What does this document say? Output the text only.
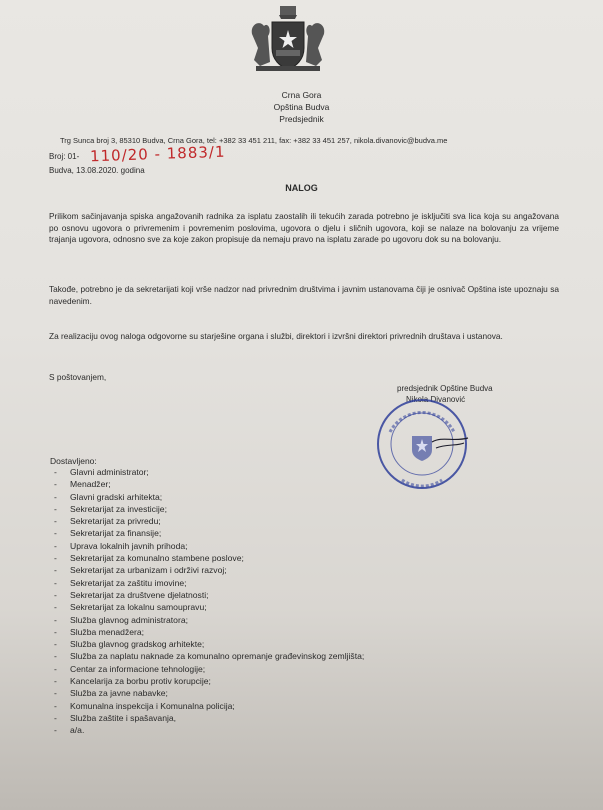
Crna Gora
Opština Budva
Predsjednik
Trg Sunca broj 3, 85310 Budva, Crna Gora, tel: +382 33 451 211, fax: +382 33 451 257, nikola.divanovic@budva.me
Broj: 01- 110/20 - 1883/1
Budva, 13.08.2020. godina
NALOG
Prilikom sačinjavanja spiska angažovanih radnika za isplatu zaostalih ili tekućih zarada potrebno je isključiti sva lica koja su angažovana po osnovu ugovora o privremenim i povremenim poslovima, ugovora o djelu i sličnih ugovora, koji se nalaze na bolovanju za vrijeme trajanja ugovora, odnosno sve za koje zakon propisuje da nemaju pravo na isplatu zarade po ugovoru dok su na bolovanju.
Takođe, potrebno je da sekretarijati koji vrše nadzor nad privrednim društvima i javnim ustanovama čiji je osnivač Opština iste upoznaju sa navedenim.
Za realizaciju ovog naloga odgovorne su starješine organa i službi, direktori i izvršni direktori privrednih društava i ustanova.
S poštovanjem,
predsjednik Opštine Budva
Nikola Divanović
Dostavljeno:
- Glavni administrator;
- Menadžer;
- Glavni gradski arhitekta;
- Sekretarijat za investicije;
- Sekretarijat za privredu;
- Sekretarijat za finansije;
- Uprava lokalnih javnih prihoda;
- Sekretarijat za komunalno stambene poslove;
- Sekretarijat za urbanizam i održivi razvoj;
- Sekretarijat za zaštitu imovine;
- Sekretarijat za društvene djelatnosti;
- Sekretarijat za lokalnu samoupravu;
- Služba glavnog administratora;
- Služba menadžera;
- Služba glavnog gradskog arhitekte;
- Služba za naplatu naknade za komunalno opremanje građevinskog zemljišta;
- Centar za informacione tehnologije;
- Kancelarija za borbu protiv korupcije;
- Služba za javne nabavke;
- Komunalna inspekcija i Komunalna policija;
- Služba zaštite i spašavanja,
- a/a.
